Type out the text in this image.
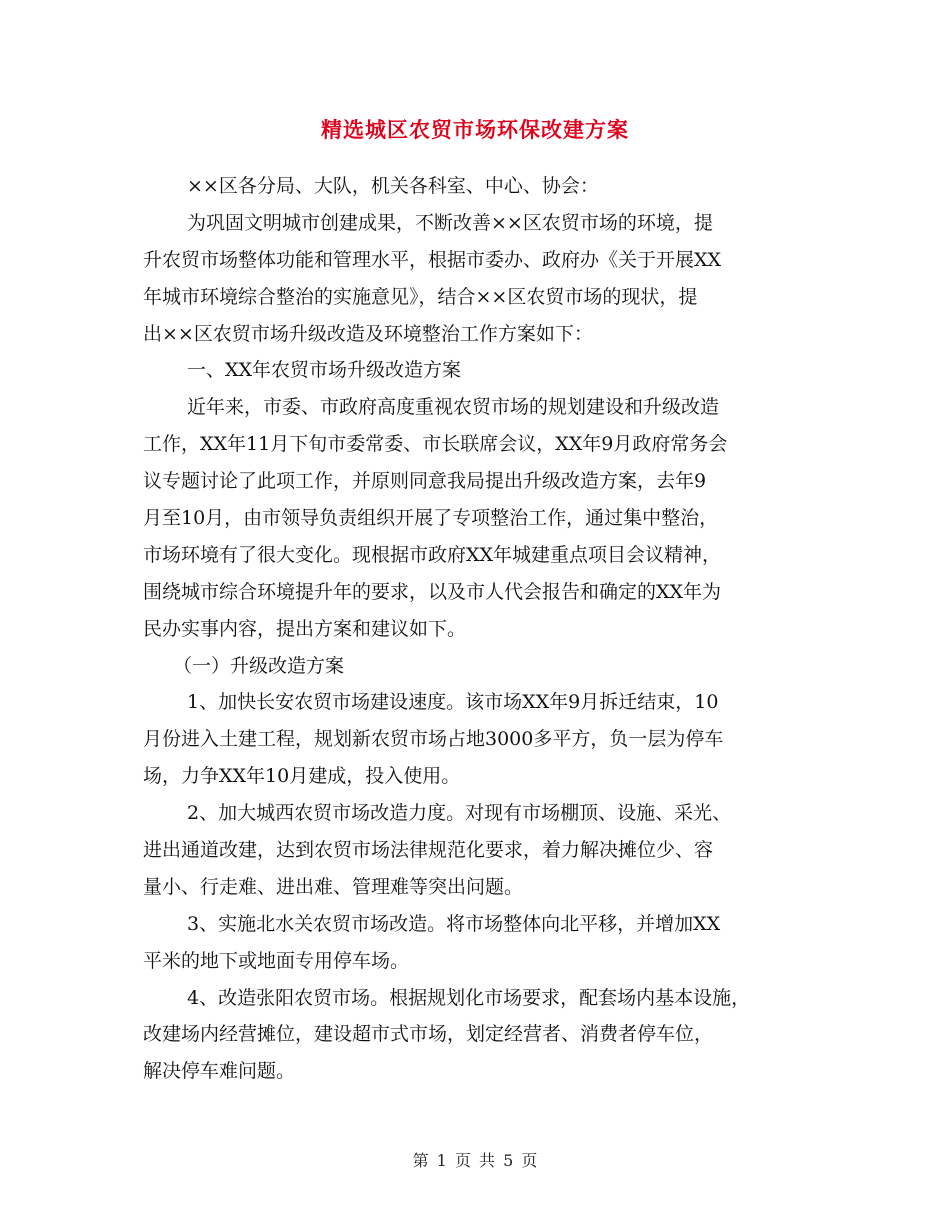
精选城区农贸市场环保改建方案

××区各分局、大队，机关各科室、中心、协会：

为巩固文明城市创建成果，不断改善××区农贸市场的环境，提

升农贸市场整体功能和管理水平，根据市委办、政府办《关于开展XX

年城市环境综合整治的实施意见》，结合××区农贸市场的现状，提

出××区农贸市场升级改造及环境整治工作方案如下：

一、XX年农贸市场升级改造方案

近年来，市委、市政府高度重视农贸市场的规划建设和升级改造

工作，XX年11月下旬市委常委、市长联席会议，XX年9月政府常务会

议专题讨论了此项工作，并原则同意我局提出升级改造方案，去年9

月至10月，由市领导负责组织开展了专项整治工作，通过集中整治，

市场环境有了很大变化。现根据市政府XX年城建重点项目会议精神，

围绕城市综合环境提升年的要求，以及市人代会报告和确定的XX年为

民办实事内容，提出方案和建议如下。

（一）升级改造方案

1、加快长安农贸市场建设速度。该市场XX年9月拆迁结束，10

月份进入土建工程，规划新农贸市场占地3000多平方，负一层为停车

场，力争XX年10月建成，投入使用。

2、加大城西农贸市场改造力度。对现有市场棚顶、设施、采光、

进出通道改建，达到农贸市场法律规范化要求，着力解决摊位少、容

量小、行走难、进出难、管理难等突出问题。

3、实施北水关农贸市场改造。将市场整体向北平移，并增加XX

平米的地下或地面专用停车场。

4、改造张阳农贸市场。根据规划化市场要求，配套场内基本设施，

改建场内经营摊位，建设超市式市场，划定经营者、消费者停车位，

解决停车难问题。

第 1 页 共 5 页
